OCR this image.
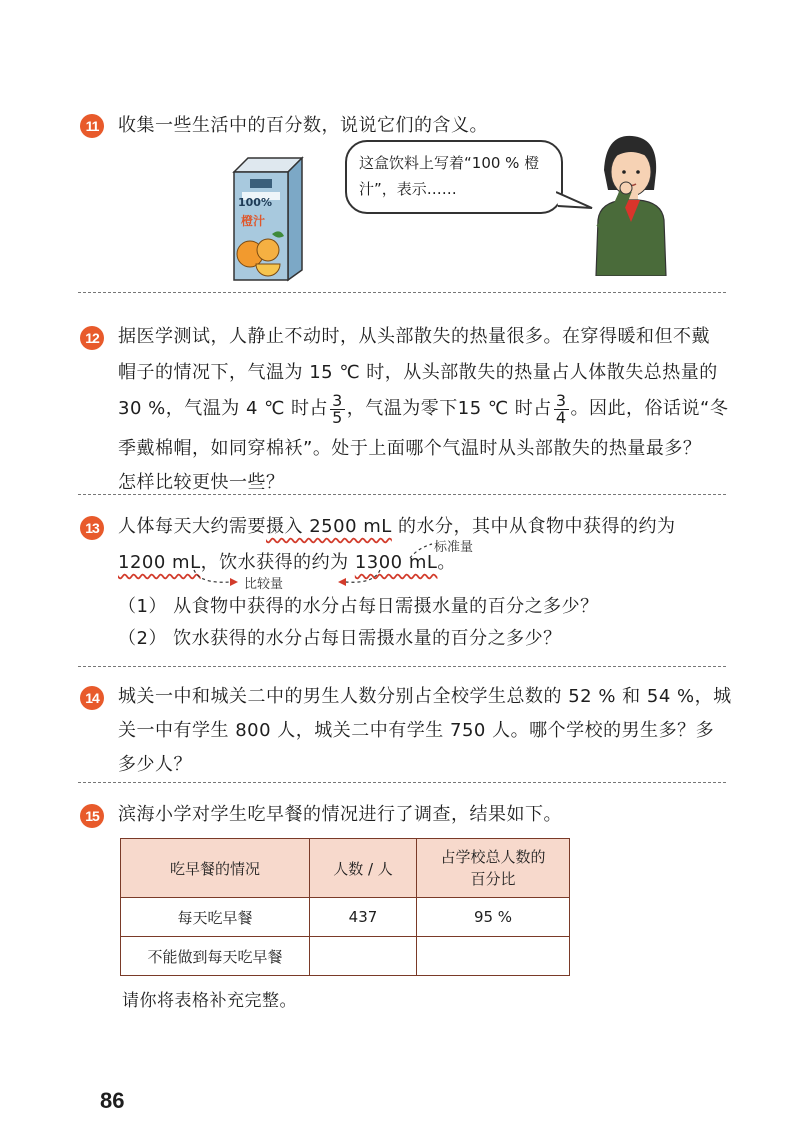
11	收集一些生活中的百分数，说说它们的含义。
100%
橙汁
这盒饮料上写着“100 % 橙汁”，表示……
12 据医学测试，人静止不动时，从头部散失的热量很多。在穿得暖和但不戴
帽子的情况下，气温为 15 ℃ 时，从头部散失的热量占人体散失总热量的
30 %，气温为 4 ℃ 时占 $\frac{3}{5}$ ，气温为零下15 ℃ 时占 $\frac{3}{4}$ 。因此，俗话说“冬
季戴棉帽，如同穿棉袄”。处于上面哪个气温时从头部散失的热量最多？
怎样比较更快一些？
13 人体每天大约需要摄入 2500 mL 的水分，其中从食物中获得的约为
1200 mL，饮水获得的约为 1300 mL。
标准量
比较量
（1） 从食物中获得的水分占每日需摄水量的百分之多少？
（2） 饮水获得的水分占每日需摄水量的百分之多少？
14 城关一中和城关二中的男生人数分别占全校学生总数的 52 % 和 54 %，城
关一中有学生 800 人，城关二中有学生 750 人。哪个学校的男生多？多
多少人？
15 滨海小学对学生吃早餐的情况进行了调查，结果如下。
吃早餐的情况	人数 / 人	占学校总人数的
百分比

每天吃早餐	437	95 %
不能做到每天吃早餐		
请你将表格补充完整。
86
